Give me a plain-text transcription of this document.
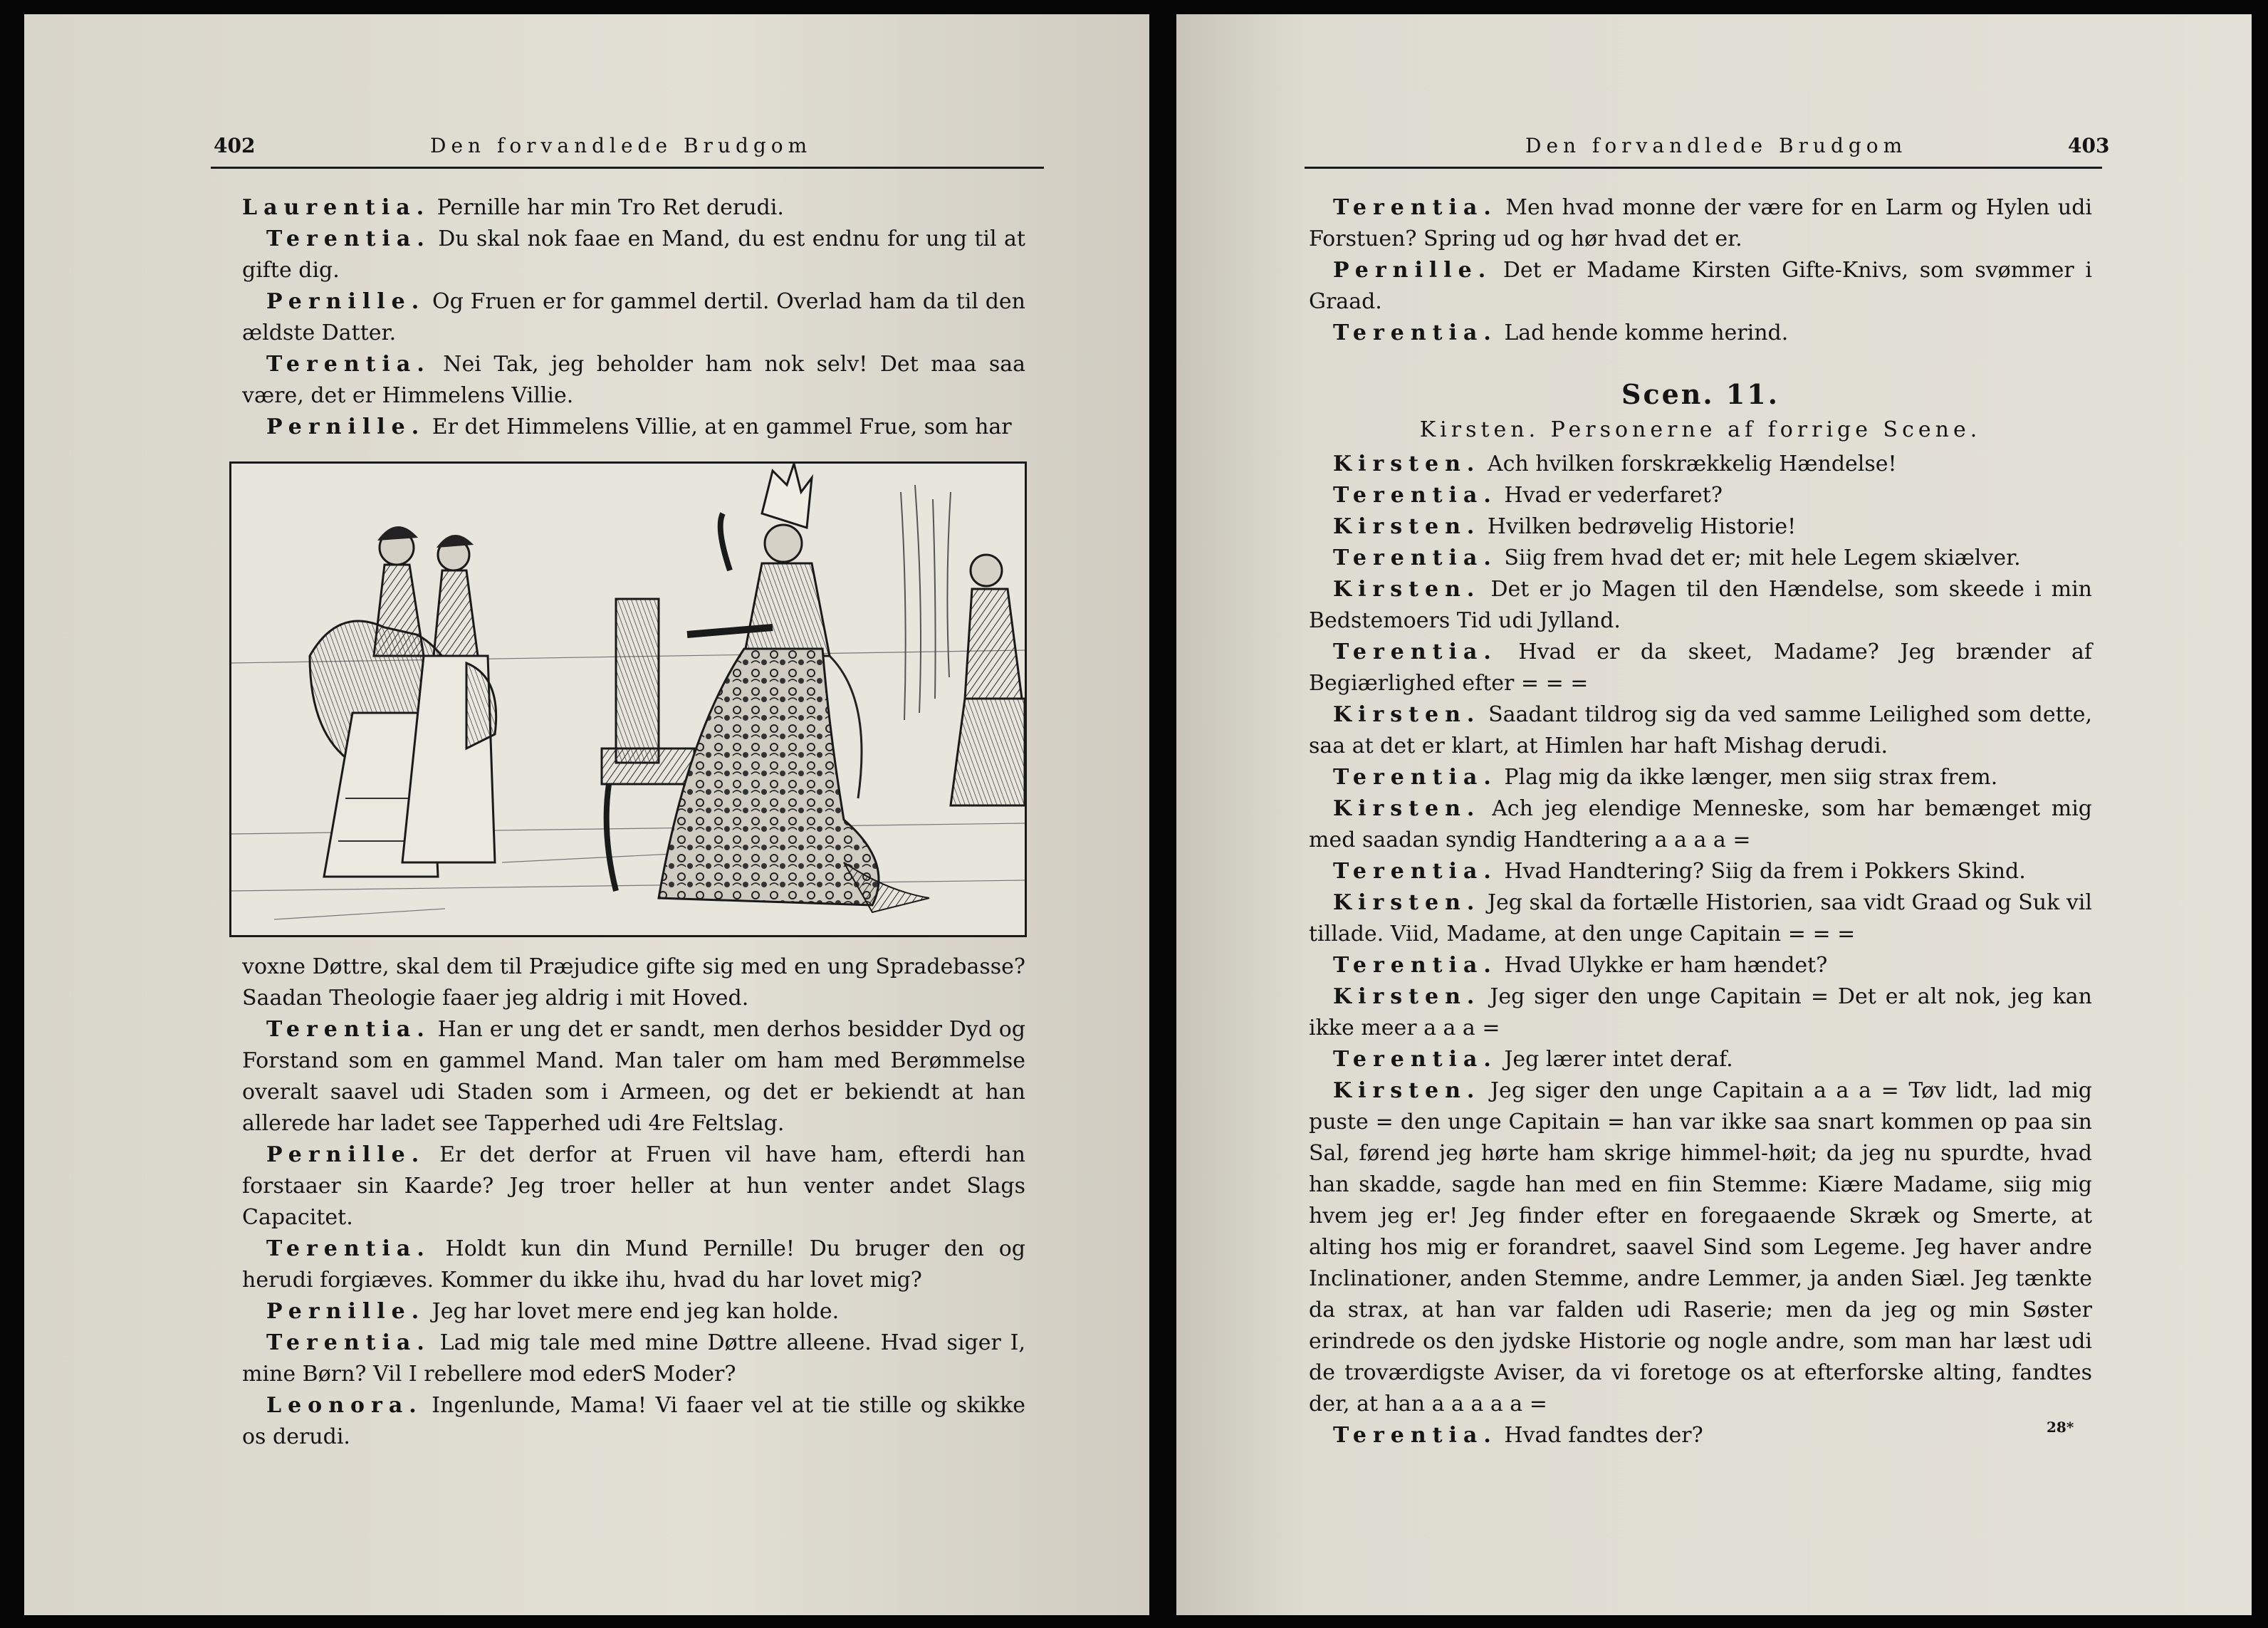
402	Den forvandlede Brudgom

Laurentia. Pernille har min Tro Ret derudi.

Terentia. Du skal nok faae en Mand, du est endnu for ung til at gifte dig.

Pernille. Og Fruen er for gammel dertil. Overlad ham da til den ældste Datter.

Terentia. Nei Tak, jeg beholder ham nok selv! Det maa saa være, det er Himmelens Villie.

Pernille. Er det Himmelens Villie, at en gammel Frue, som har

voxne Døttre, skal dem til Præjudice gifte sig med en ung Spradebasse? Saadan Theologie faaer jeg aldrig i mit Hoved.

Terentia. Han er ung det er sandt, men derhos besidder Dyd og Forstand som en gammel Mand. Man taler om ham med Berømmelse overalt saavel udi Staden som i Armeen, og det er bekiendt at han allerede har ladet see Tapperhed udi 4re Feltslag.

Pernille. Er det derfor at Fruen vil have ham, efterdi han forstaaer sin Kaarde? Jeg troer heller at hun venter andet Slags Capacitet.

Terentia. Holdt kun din Mund Pernille! Du bruger den og herudi forgiæves. Kommer du ikke ihu, hvad du har lovet mig?

Pernille. Jeg har lovet mere end jeg kan holde.

Terentia. Lad mig tale med mine Døttre alleene. Hvad siger I, mine Børn? Vil I rebellere mod ederS Moder?

Leonora. Ingenlunde, Mama! Vi faaer vel at tie stille og skikke os derudi.

Den forvandlede Brudgom	403

Terentia. Men hvad monne der være for en Larm og Hylen udi Forstuen? Spring ud og hør hvad det er.

Pernille. Det er Madame Kirsten Gifte-Knivs, som svømmer i Graad.

Terentia. Lad hende komme herind.

Scen. 11.
Kirsten. Personerne af forrige Scene.

Kirsten. Ach hvilken forskrækkelig Hændelse!

Terentia. Hvad er vederfaret?

Kirsten. Hvilken bedrøvelig Historie!

Terentia. Siig frem hvad det er; mit hele Legem skiælver.

Kirsten. Det er jo Magen til den Hændelse, som skeede i min Bedstemoers Tid udi Jylland.

Terentia. Hvad er da skeet, Madame? Jeg brænder af Begiærlighed efter = = =

Kirsten. Saadant tildrog sig da ved samme Leilighed som dette, saa at det er klart, at Himlen har haft Mishag derudi.

Terentia. Plag mig da ikke længer, men siig strax frem.

Kirsten. Ach jeg elendige Menneske, som har bemænget mig med saadan syndig Handtering a a a a =

Terentia. Hvad Handtering? Siig da frem i Pokkers Skind.

Kirsten. Jeg skal da fortælle Historien, saa vidt Graad og Suk vil tillade. Viid, Madame, at den unge Capitain = = =

Terentia. Hvad Ulykke er ham hændet?

Kirsten. Jeg siger den unge Capitain = Det er alt nok, jeg kan ikke meer a a a =

Terentia. Jeg lærer intet deraf.

Kirsten. Jeg siger den unge Capitain a a a = Tøv lidt, lad mig puste = den unge Capitain = han var ikke saa snart kommen op paa sin Sal, førend jeg hørte ham skrige himmel-høit; da jeg nu spurdte, hvad han skadde, sagde han med en fiin Stemme: Kiære Madame, siig mig hvem jeg er! Jeg finder efter en foregaaende Skræk og Smerte, at alting hos mig er forandret, saavel Sind som Legeme. Jeg haver andre Inclinationer, anden Stemme, andre Lemmer, ja anden Siæl. Jeg tænkte da strax, at han var falden udi Raserie; men da jeg og min Søster erindrede os den jydske Historie og nogle andre, som man har læst udi de troværdigste Aviser, da vi foretoge os at efterforske alting, fandtes der, at han a a a a a =

Terentia. Hvad fandtes der?	28*
